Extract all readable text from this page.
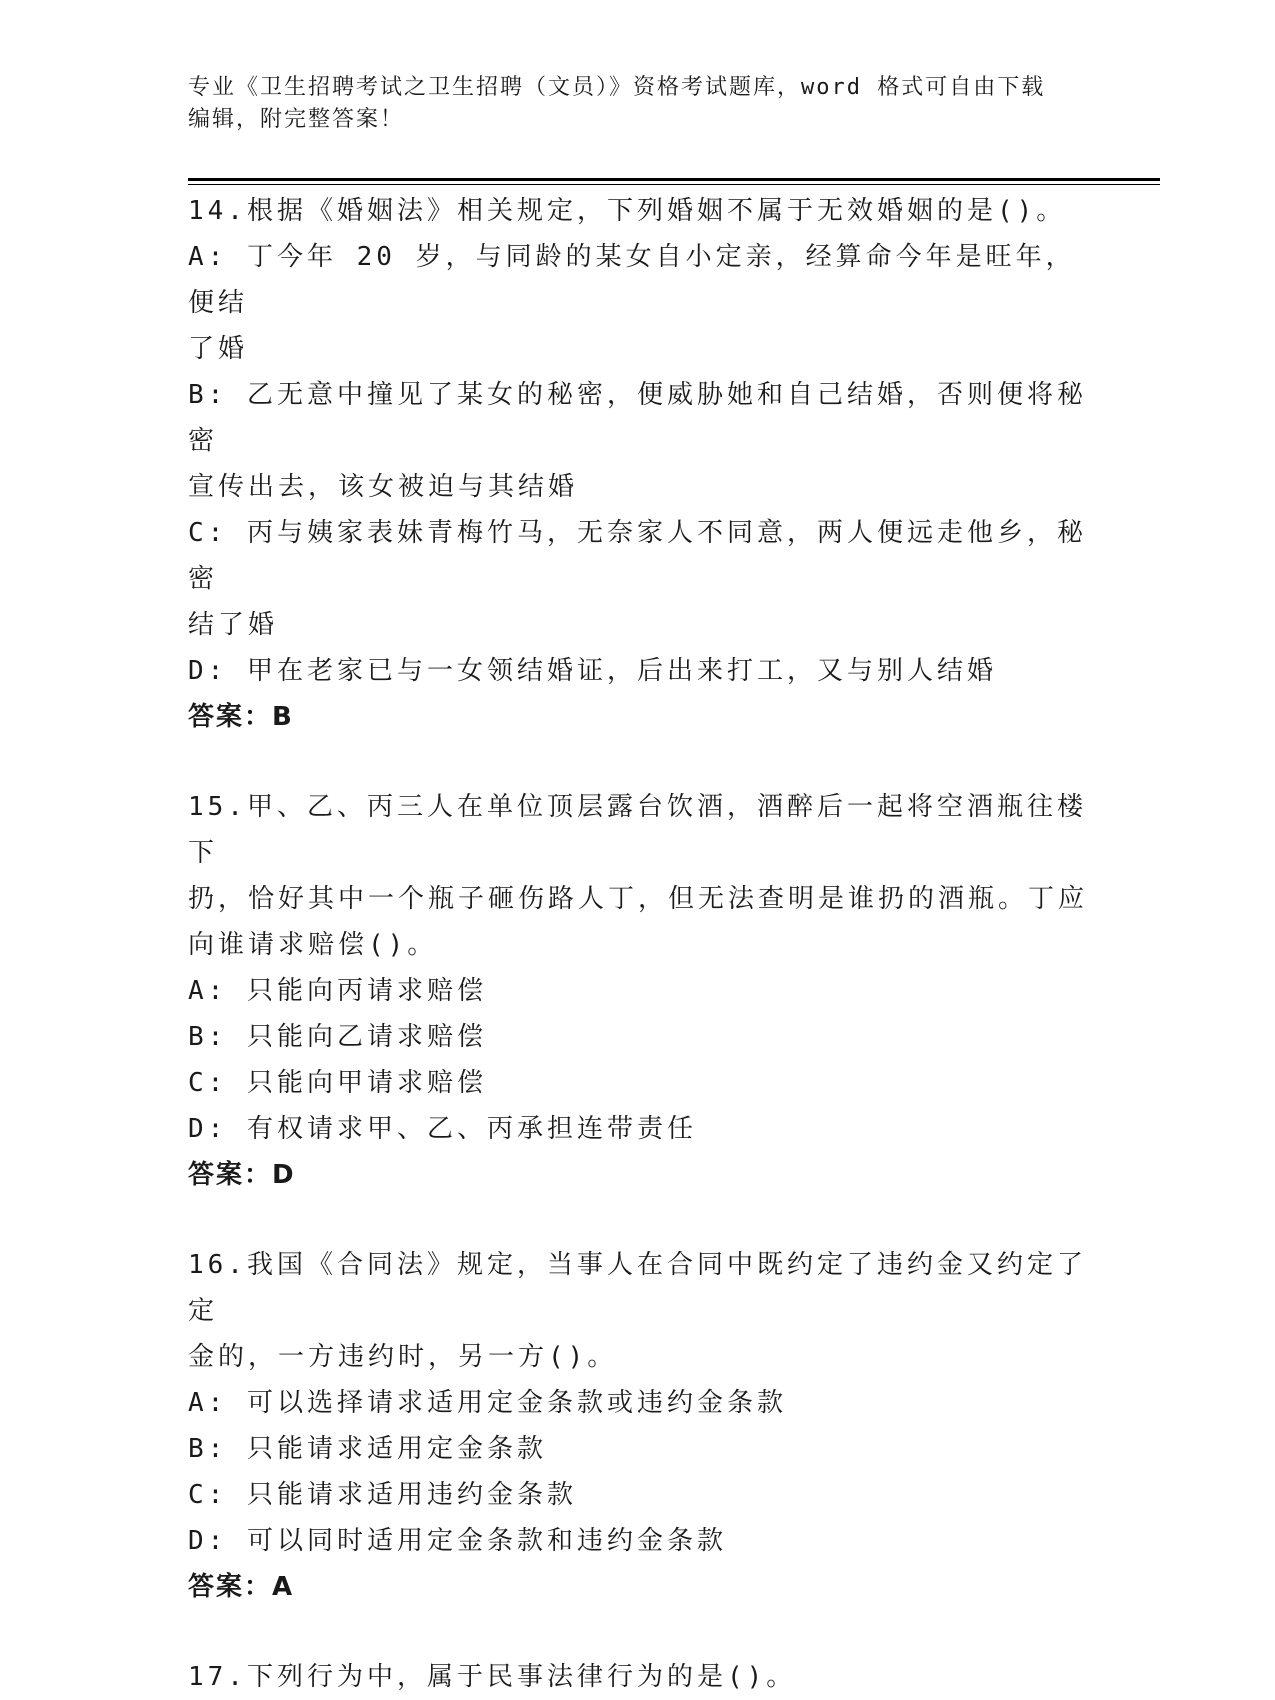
专业《卫生招聘考试之卫生招聘（文员）》资格考试题库，word 格式可自由下载
编辑，附完整答案！

14.根据《婚姻法》相关规定，下列婚姻不属于无效婚姻的是()。

A: 丁今年 20 岁，与同龄的某女自小定亲，经算命今年是旺年，便结

了婚

B: 乙无意中撞见了某女的秘密，便威胁她和自己结婚，否则便将秘密

宣传出去，该女被迫与其结婚

C: 丙与姨家表妹青梅竹马，无奈家人不同意，两人便远走他乡，秘密

结了婚

D: 甲在老家已与一女领结婚证，后出来打工，又与别人结婚

答案：B

15.甲、乙、丙三人在单位顶层露台饮酒，酒醉后一起将空酒瓶往楼下

扔，恰好其中一个瓶子砸伤路人丁，但无法查明是谁扔的酒瓶。丁应

向谁请求赔偿()。

A: 只能向丙请求赔偿

B: 只能向乙请求赔偿

C: 只能向甲请求赔偿

D: 有权请求甲、乙、丙承担连带责任

答案：D

16.我国《合同法》规定，当事人在合同中既约定了违约金又约定了定

金的，一方违约时，另一方()。

A: 可以选择请求适用定金条款或违约金条款

B: 只能请求适用定金条款

C: 只能请求适用违约金条款

D: 可以同时适用定金条款和违约金条款

答案：A

17.下列行为中，属于民事法律行为的是()。
